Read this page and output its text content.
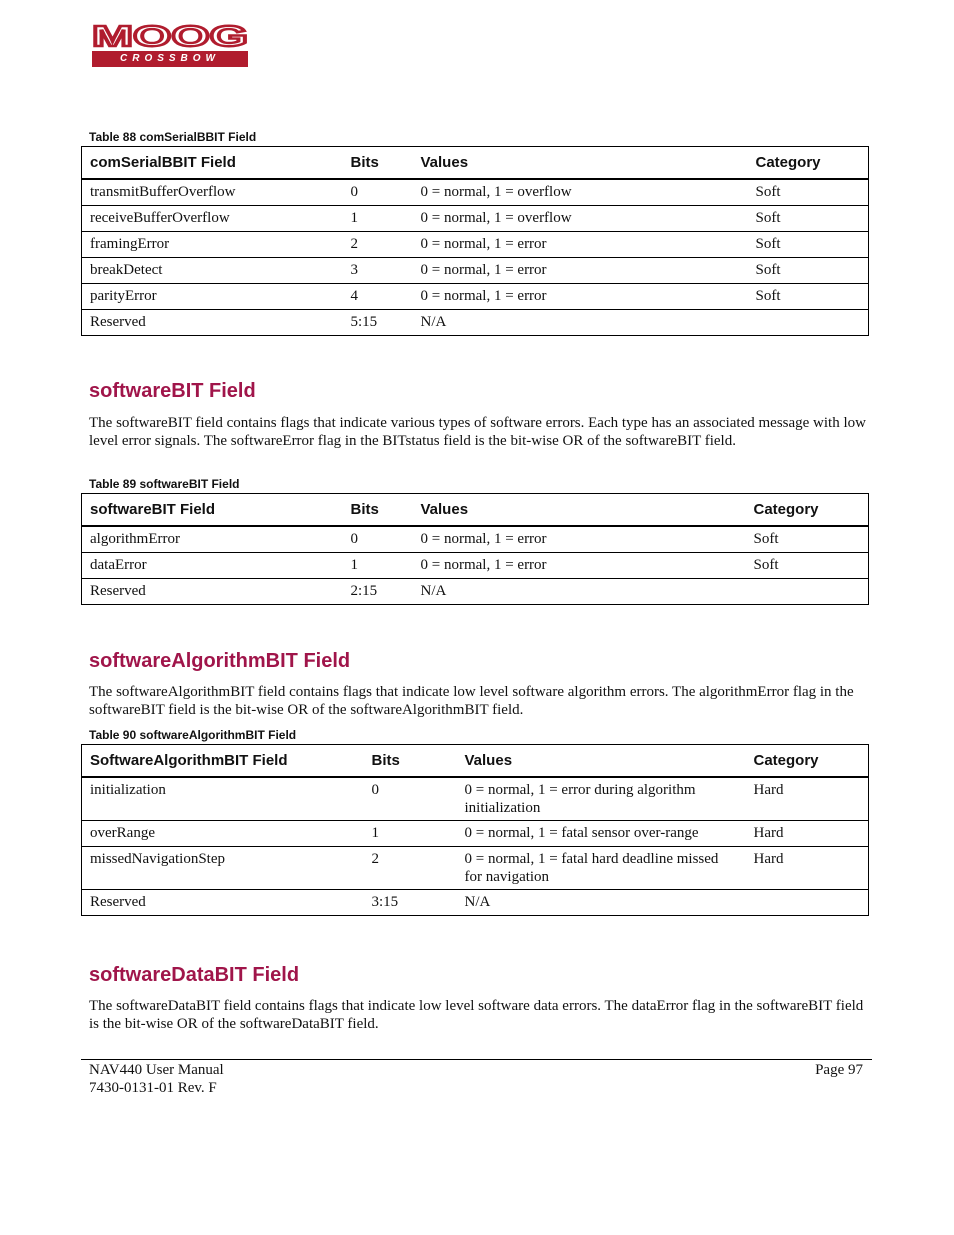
MOOG
CROSSBOW
Table 88 comSerialBBIT Field
comSerialBBIT Field	Bits	Values	Category
transmitBufferOverflow	0	0 = normal, 1 = overflow	Soft
receiveBufferOverflow	1	0 = normal, 1 = overflow	Soft
framingError	2	0 = normal, 1 = error	Soft
breakDetect	3	0 = normal, 1 = error	Soft
parityError	4	0 = normal, 1 = error	Soft
Reserved	5:15	N/A	
softwareBIT Field

The softwareBIT field contains flags that indicate various types of software errors. Each type has an associated message with low level error signals. The softwareError flag in the BITstatus field is the bit-wise OR of the softwareBIT field.

Table 89 softwareBIT Field
softwareBIT Field	Bits	Values	Category
algorithmError	0	0 = normal, 1 = error	Soft
dataError	1	0 = normal, 1 = error	Soft
Reserved	2:15	N/A	
softwareAlgorithmBIT Field

The softwareAlgorithmBIT field contains flags that indicate low level software algorithm errors. The algorithmError flag in the softwareBIT field is the bit-wise OR of the softwareAlgorithmBIT field.

Table 90 softwareAlgorithmBIT Field
SoftwareAlgorithmBIT Field	Bits	Values	Category
initialization	0	0 = normal, 1 = error during algorithm initialization	Hard
overRange	1	0 = normal, 1 = fatal sensor over-range	Hard
missedNavigationStep	2	0 = normal, 1 = fatal hard deadline missed for navigation	Hard
Reserved	3:15	N/A	
softwareDataBIT Field

The softwareDataBIT field contains flags that indicate low level software data errors. The dataError flag in the softwareBIT field is the bit-wise OR of the softwareDataBIT field.

NAV440 User Manual
7430-0131-01 Rev. F
Page 97
